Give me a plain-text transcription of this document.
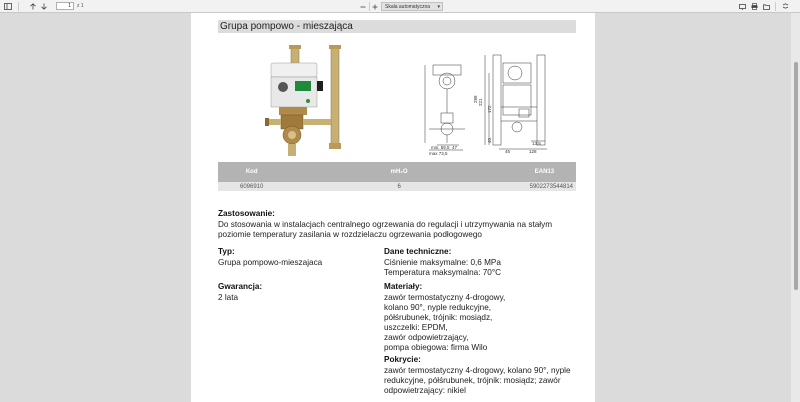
1	z 1	Skala automatyczna ▾
Grupa pompowo - mieszająca
288 221
172
min. 69,5 47
max 73,5	45
13,5
128
40
Kod	mH₂O	EAN13
6096910	6	5902273544814
Zastosowanie:
Do stosowania w instalacjach centralnego ogrzewania do regulacji i utrzymywania na stałym
poziomie temperatury zasilania w rozdzielaczu ogrzewania podłogowego
Typ:
Grupa pompowo-mieszajaca
Gwarancja:
2 lata
Dane techniczne:
Ciśnienie maksymalne: 0,6 MPa
Temperatura maksymalna: 70°C
Materiały:
zawór termostatyczny 4-drogowy,
kolano 90°, nyple redukcyjne,
półśrubunek, trójnik: mosiądz,
uszczelki: EPDM,
zawór odpowietrzający,
pompa obiegowa: firma Wilo
Pokrycie:
zawór termostatyczny 4-drogowy, kolano 90°, nyple
redukcyjne, półśrubunek, trójnik: mosiądz; zawór
odpowietrzający: nikiel
